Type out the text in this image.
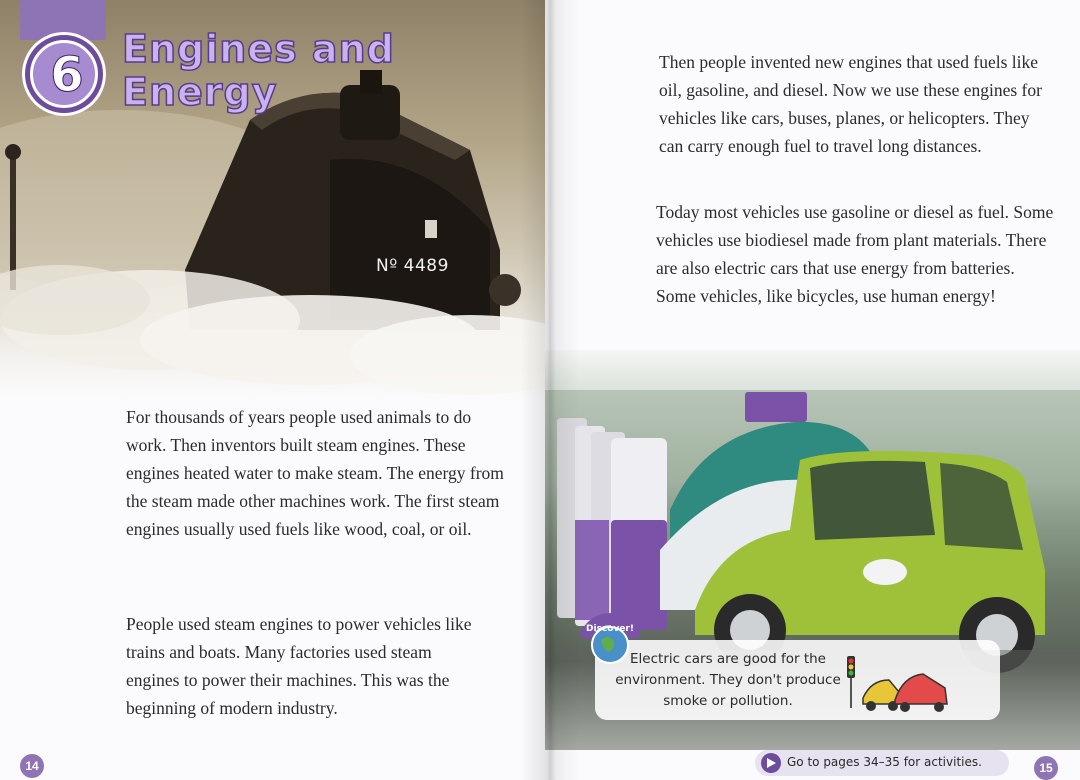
Nº 4489
6	Engines and Energy

For thousands of years people used animals to do work. Then inventors built steam engines. These engines heated water to make steam. The energy from the steam made other machines work. The first steam engines usually used fuels like wood, coal, or oil.

People used steam engines to power vehicles like trains and boats. Many factories used steam engines to power their machines. This was the beginning of modern industry.

14

Then people invented new engines that used fuels like oil, gasoline, and diesel. Now we use these engines for vehicles like cars, buses, planes, or helicopters. They can carry enough fuel to travel long distances.

Today most vehicles use gasoline or diesel as fuel. Some vehicles use biodiesel made from plant materials. There are also electric cars that use energy from batteries. Some vehicles, like bicycles, use human energy!

Discover!
Electric cars are good for the environment. They don't produce smoke or pollution.
Go to pages 34–35 for activities.	15
